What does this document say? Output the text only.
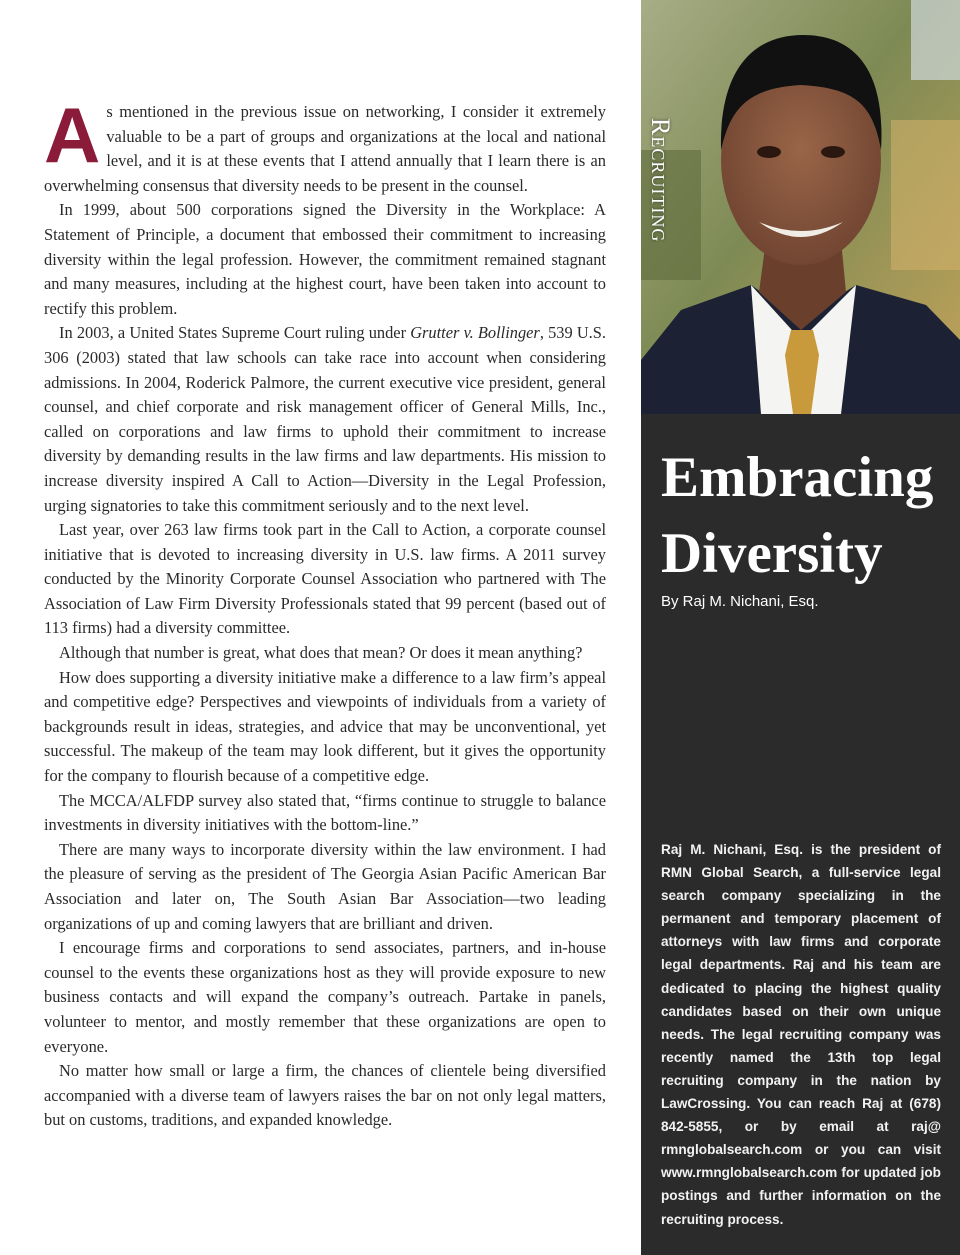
As mentioned in the previous issue on networking, I consider it extremely valuable to be a part of groups and organizations at the local and national level, and it is at these events that I attend annually that I learn there is an overwhelming consensus that diversity needs to be present in the counsel.

In 1999, about 500 corporations signed the Diversity in the Workplace: A Statement of Principle, a document that embossed their commitment to increasing diversity within the legal profession. However, the commitment remained stagnant and many measures, including at the highest court, have been taken into account to rectify this problem.

In 2003, a United States Supreme Court ruling under Grutter v. Bollinger, 539 U.S. 306 (2003) stated that law schools can take race into account when considering admissions. In 2004, Roderick Palmore, the current executive vice president, general counsel, and chief corporate and risk management officer of General Mills, Inc., called on corporations and law firms to uphold their commitment to increase diversity by demanding results in the law firms and law departments. His mission to increase diversity inspired A Call to Action—Diversity in the Legal Profession, urging signatories to take this commitment seriously and to the next level.

Last year, over 263 law firms took part in the Call to Action, a corporate counsel initiative that is devoted to increasing diversity in U.S. law firms. A 2011 survey conducted by the Minority Corporate Counsel Association who partnered with The Association of Law Firm Diversity Professionals stated that 99 percent (based out of 113 firms) had a diversity committee.

Although that number is great, what does that mean? Or does it mean anything?

How does supporting a diversity initiative make a difference to a law firm’s appeal and competitive edge? Perspectives and viewpoints of individuals from a variety of backgrounds result in ideas, strategies, and advice that may be unconventional, yet successful. The makeup of the team may look different, but it gives the opportunity for the company to flourish because of a competitive edge.

The MCCA/ALFDP survey also stated that, “firms continue to struggle to balance investments in diversity initiatives with the bottom-line.”

There are many ways to incorporate diversity within the law environment. I had the pleasure of serving as the president of The Georgia Asian Pacific American Bar Association and later on, The South Asian Bar Association—two leading organizations of up and coming lawyers that are brilliant and driven.

I encourage firms and corporations to send associates, partners, and in-house counsel to the events these organizations host as they will provide exposure to new business contacts and will expand the company’s outreach. Partake in panels, volunteer to mentor, and mostly remember that these organizations are open to everyone.

No matter how small or large a firm, the chances of clientele being diversified accompanied with a diverse team of lawyers raises the bar on not only legal matters, but on customs, traditions, and expanded knowledge.

Recruiting
Embracing
Diversity
By Raj M. Nichani, Esq.

Raj M. Nichani, Esq. is the president of RMN Global Search, a full-service legal search company specializing in the permanent and temporary placement of attorneys with law firms and corporate legal departments. Raj and his team are dedicated to placing the highest quality candidates based on their own unique needs. The legal recruiting company was recently named the 13th top legal recruiting company in the nation by LawCrossing. You can reach Raj at (678) 842-5855, or by email at raj@ rmnglobalsearch.com or you can visit www.rmnglobalsearch.com for updated job postings and further information on the recruiting process.
